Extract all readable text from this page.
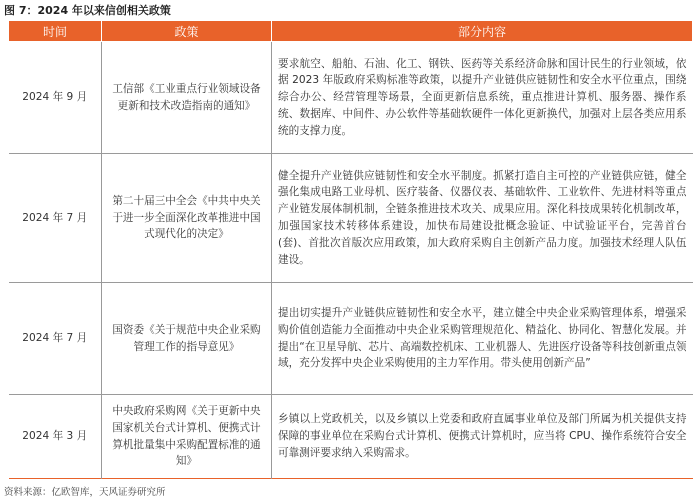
图 7：2024 年以来信创相关政策
时间	政策	部分内容
2024 年 9 月	工信部《工业重点行业领域设备更新和技术改造指南的通知》	要求航空、船舶、石油、化工、钢铁、医药等关系经济命脉和国计民生的行业领域，依据 2023 年版政府采购标准等政策，以提升产业链供应链韧性和安全水平位重点，围绕综合办公、经营管理等场景，全面更新信息系统，重点推进计算机、服务器、操作系统、数据库、中间件、办公软件等基础软硬件一体化更新换代，加强对上层各类应用系统的支撑力度。
2024 年 7 月	第二十届三中全会《中共中央关于进一步全面深化改革推进中国式现代化的决定》	健全提升产业链供应链韧性和安全水平制度。抓紧打造自主可控的产业链供应链，健全强化集成电路工业母机、医疗装备、仪器仪表、基础软件、工业软件、先进材料等重点产业链发展体制机制，全链条推进技术攻关、成果应用。深化科技成果转化机制改革，加强国家技术转移体系建设，加快布局建设批概念验证、中试验证平台，完善首台(套)、首批次首版次应用政策，加大政府采购自主创新产品力度。加强技术经理人队伍建设。
2024 年 7 月	国资委《关于规范中央企业采购管理工作的指导意见》	提出切实提升产业链供应链韧性和安全水平，建立健全中央企业采购管理体系，增强采购价值创造能力全面推动中央企业采购管理规范化、精益化、协同化、智慧化发展。并提出“在卫星导航、芯片、高端数控机床、工业机器人、先进医疗设备等科技创新重点领域，充分发挥中央企业采购使用的主力军作用。带头使用创新产品”
2024 年 3 月	中央政府采购网《关于更新中央国家机关台式计算机、便携式计算机批量集中采购配置标准的通知》	乡镇以上党政机关，以及乡镇以上党委和政府直属事业单位及部门所属为机关提供支持保障的事业单位在采购台式计算机、便携式计算机时，应当将 CPU、操作系统符合安全可靠测评要求纳入采购需求。
资料来源：亿欧智库，天风证券研究所
